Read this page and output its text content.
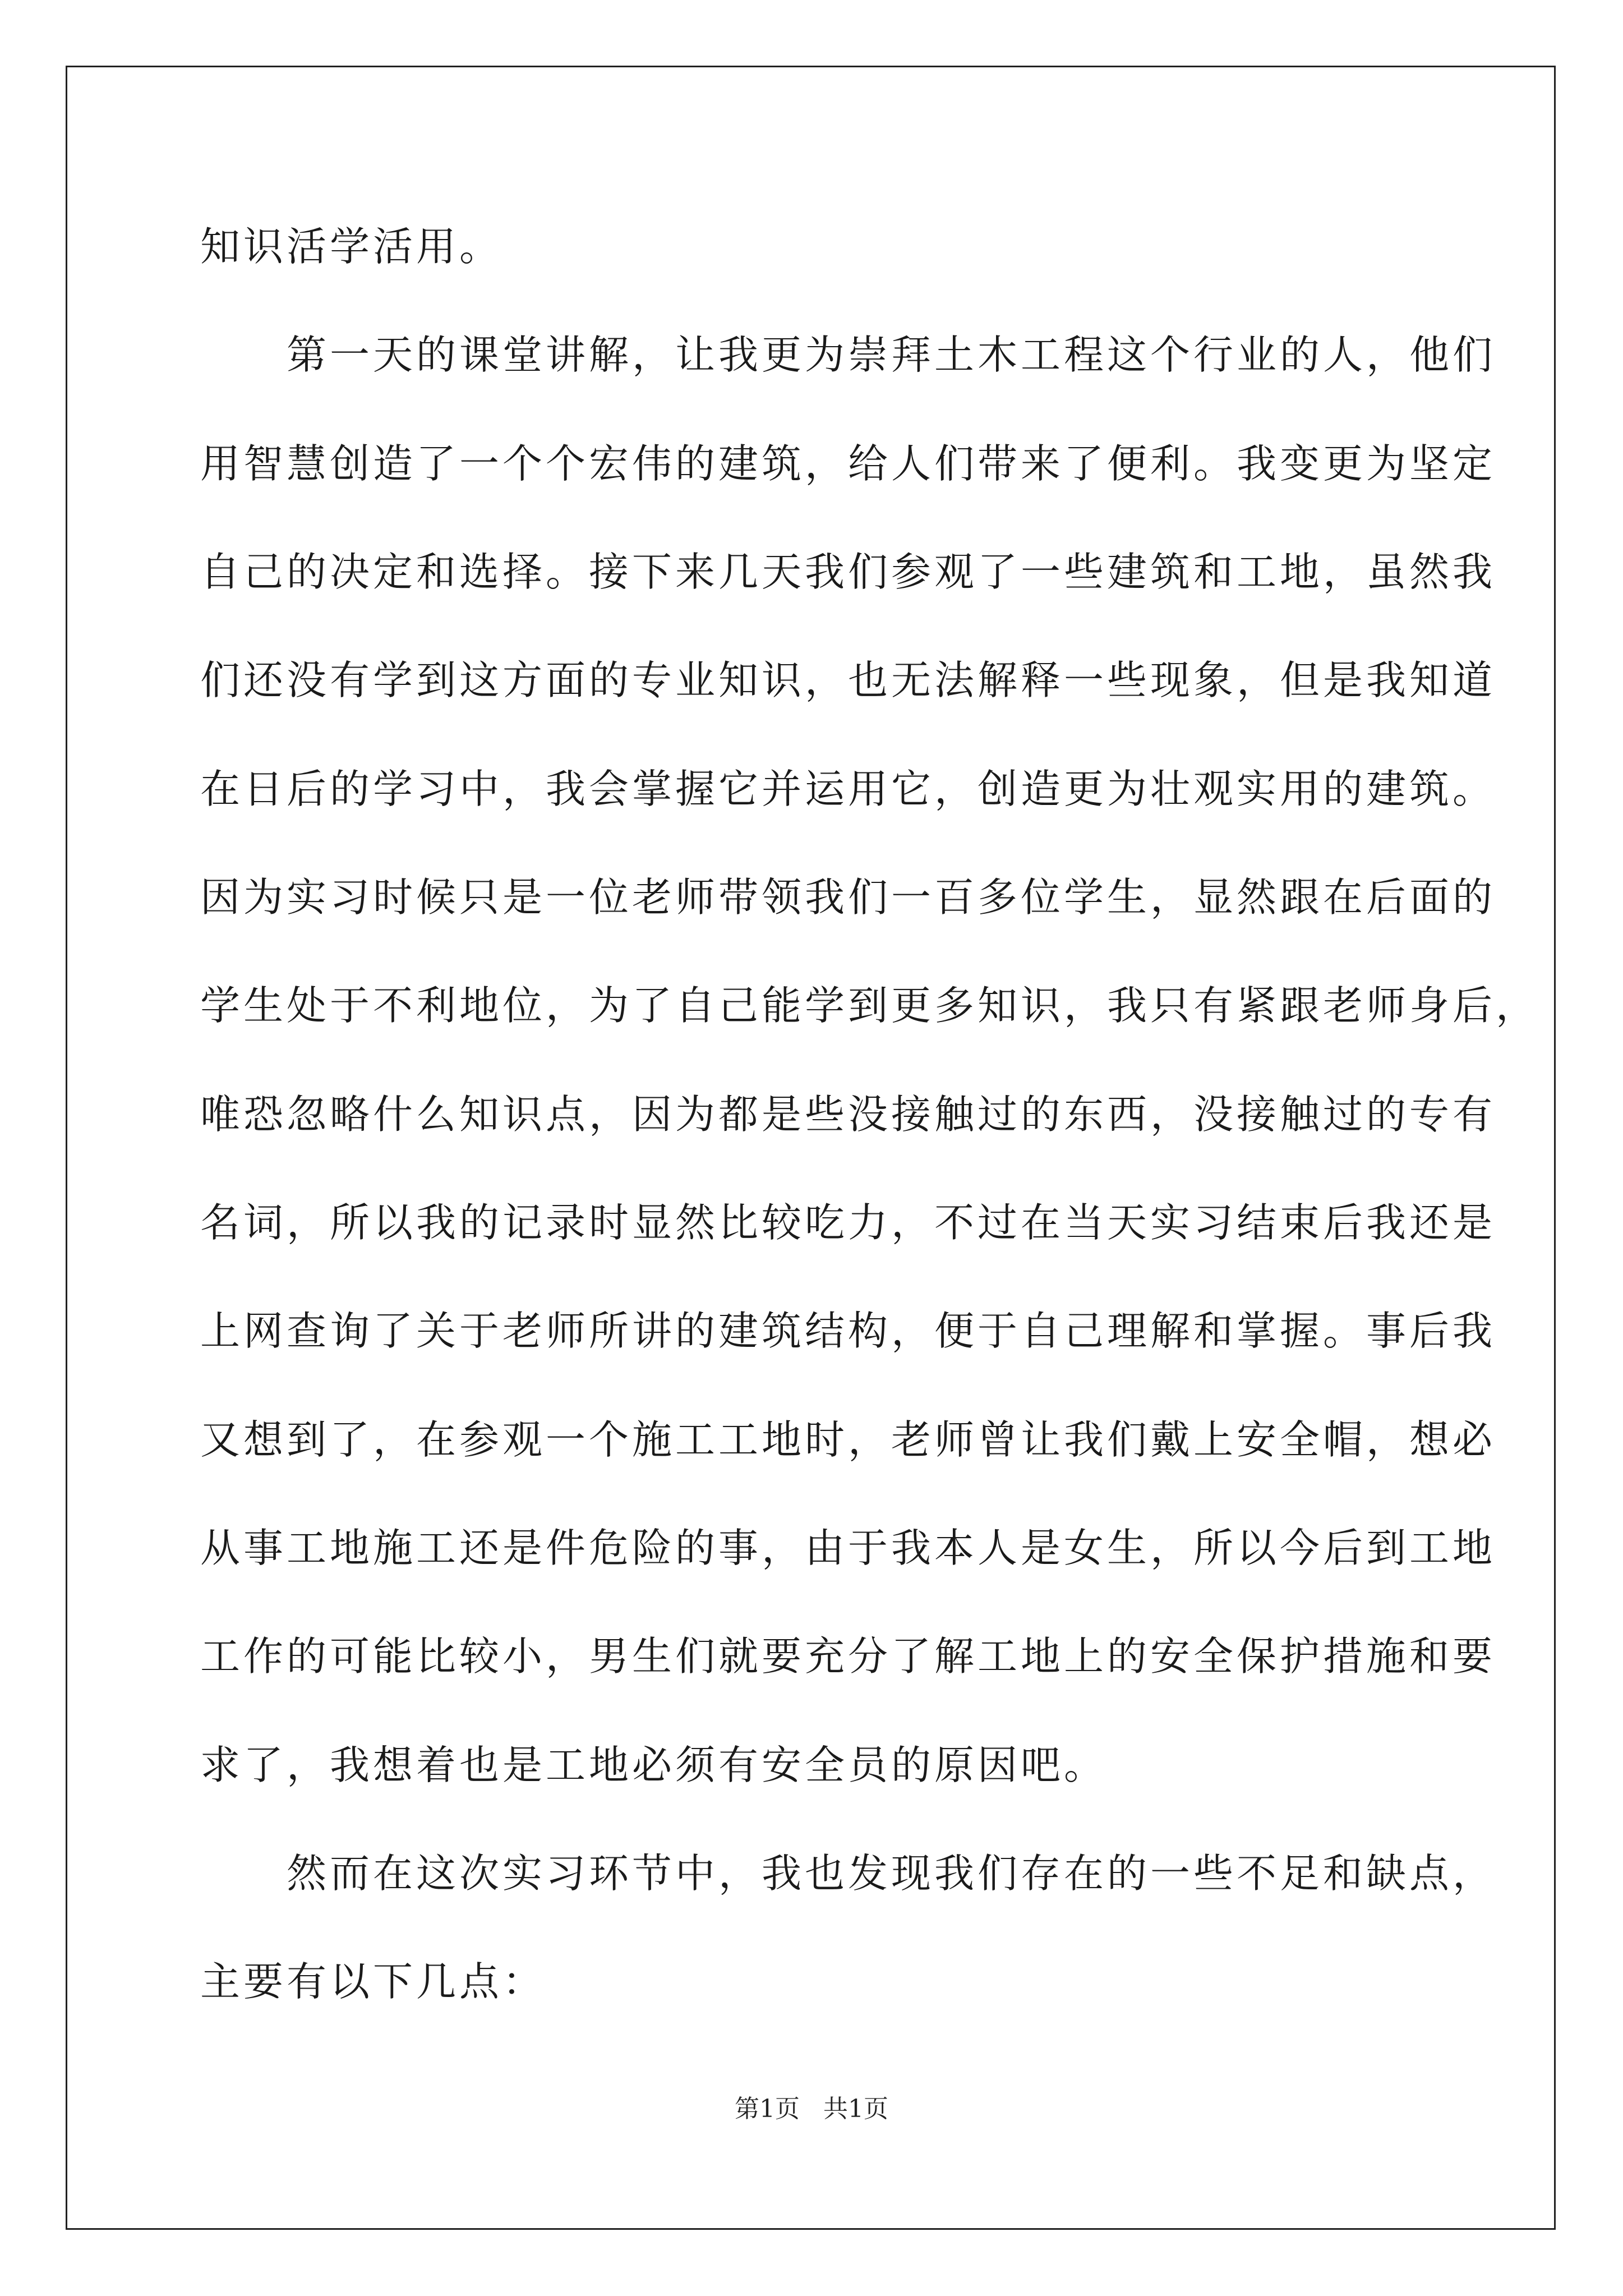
知识活学活用。
　　第一天的课堂讲解，让我更为崇拜土木工程这个行业的人，他们
用智慧创造了一个个宏伟的建筑，给人们带来了便利。我变更为坚定
自己的决定和选择。接下来几天我们参观了一些建筑和工地，虽然我
们还没有学到这方面的专业知识，也无法解释一些现象，但是我知道
在日后的学习中，我会掌握它并运用它，创造更为壮观实用的建筑。
因为实习时候只是一位老师带领我们一百多位学生，显然跟在后面的
学生处于不利地位，为了自己能学到更多知识，我只有紧跟老师身后，
唯恐忽略什么知识点，因为都是些没接触过的东西，没接触过的专有
名词，所以我的记录时显然比较吃力，不过在当天实习结束后我还是
上网查询了关于老师所讲的建筑结构，便于自己理解和掌握。事后我
又想到了，在参观一个施工工地时，老师曾让我们戴上安全帽，想必
从事工地施工还是件危险的事，由于我本人是女生，所以今后到工地
工作的可能比较小，男生们就要充分了解工地上的安全保护措施和要
求了，我想着也是工地必须有安全员的原因吧。
　　然而在这次实习环节中，我也发现我们存在的一些不足和缺点，
主要有以下几点：
第1页 共1页
